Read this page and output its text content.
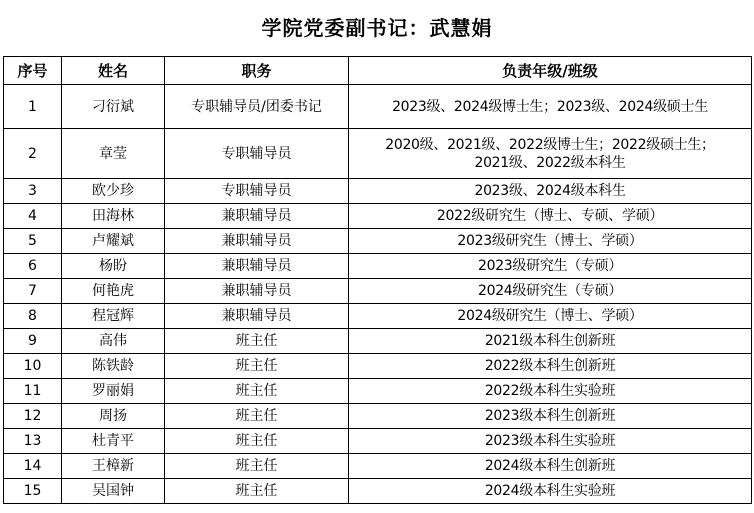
学院党委副书记：武慧娟
序号	姓名	职务	负责年级/班级
1	刁衍斌	专职辅导员/团委书记	2023级、2024级博士生；2023级、2024级硕士生

2	章莹	专职辅导员	2020级、2021级、2022级博士生；2022级硕士生；
2021级、2022级本科生

3	欧少珍	专职辅导员	2023级、2024级本科生

4	田海林	兼职辅导员	2022级研究生（博士、专硕、学硕）

5	卢耀斌	兼职辅导员	2023级研究生（博士、学硕）

6	杨盼	兼职辅导员	2023级研究生（专硕）

7	何艳虎	兼职辅导员	2024级研究生（专硕）

8	程冠辉	兼职辅导员	2024级研究生（博士、学硕）

9	高伟	班主任	2021级本科生创新班

10	陈铁龄	班主任	2022级本科生创新班

11	罗丽娟	班主任	2022级本科生实验班

12	周扬	班主任	2023级本科生创新班

13	杜青平	班主任	2023级本科生实验班

14	王樟新	班主任	2024级本科生创新班

15	吴国钟	班主任	2024级本科生实验班
